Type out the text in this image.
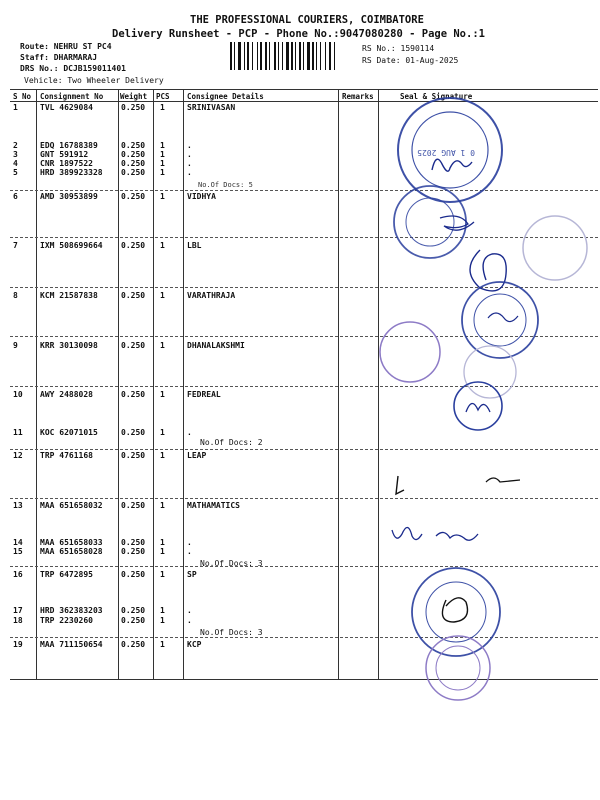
THE PROFESSIONAL COURIERS, COIMBATORE
Delivery Runsheet - PCP - Phone No.:9047080280 - Page No.:1
Route: NEHRU ST PC4
Staff: DHARMARAJ
DRS No.: DCJB159011401
Vehicle: Two Wheeler Delivery
RS No.: 1590114
RS Date: 01-Aug-2025
S No Consignment No Weight PCS Consignee Details	Remarks	Seal & Signature
1	TVL 4629084	0.250 1	SRINIVASAN
2	EDQ 16788389	0.250 1	.
3	GNT 591912	0.250 1	.
4	CNR 1897522	0.250 1	.
5	HRD 389923328 0.250 1	.
6	AMD 30953899	0.250 1	VIDHYA
7	IXM 508699664 0.250 1	LBL
8	KCM 21587838	0.250 1	VARATHRAJA
9	KRR 30130098	0.250 1	DHANALAKSHMI
10 AWY 2488028	0.250 1	FEDREAL
11 KOC 62071015	0.250 1	.
12 TRP 4761168	0.250 1	LEAP
13 MAA 651658032 0.250 1	MATHAMATICS
14 MAA 651658033 0.250 1	.
15 MAA 651658028 0.250 1	.
16 TRP 6472895	0.250 1	SP
17 HRD 362383203 0.250 1	.
18 TRP 2230260	0.250 1	.
19 MAA 711150654 0.250 1	KCP
No.Of Docs: 5
No.Of Docs: 2
No.Of Docs: 3
No.Of Docs: 3
0 1 AUG 2025
